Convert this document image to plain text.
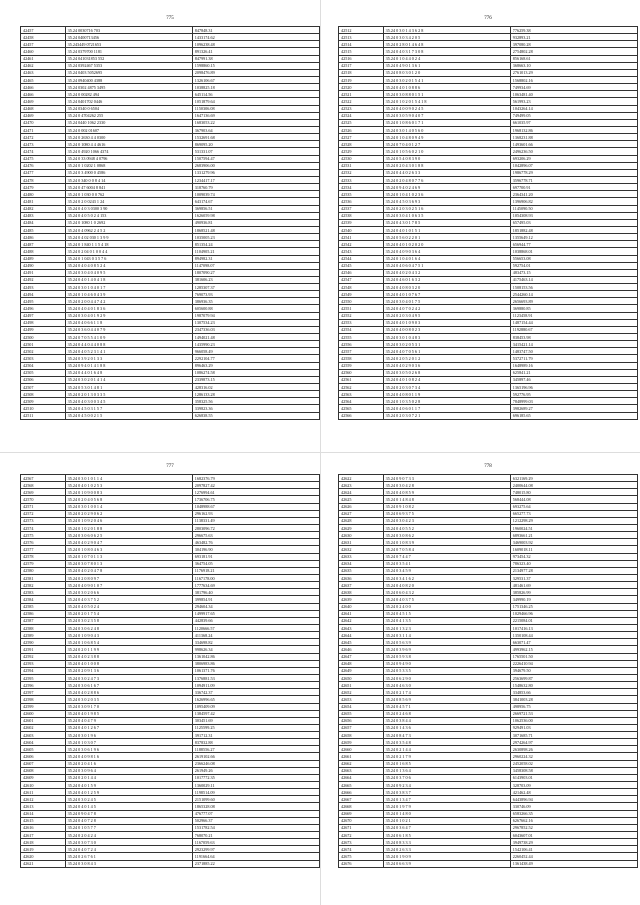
775
42457	35.24 0030716 703	847848.31
42458	35.24 0400713456	1433174.62
42457	35.243449 0721653	1096238.48
42460	35.24 0379700 1181	891326.41
42461	35.24 041031853 552	847991.38
42462	35.24 0392467 5353	1598860.15
42463	35.24 0403 5052695	2098476.89
42465	35.24 0940400 4388	1326106.67
42466	35.24 0302 4875 3495	1038825.18
42466	35.24 0 00282 494	645114.56
42469	35.24 0401702 0446	1051879.64
42468	35.24 0340 0 6504	1150306.08
42469	35.24 0 4704262 255	1647136.69
42470	35.24 0440 1062 2330	1683053.22
42471	35.24 0 002 01607	367903.64
42472	35.24 0 2630 4 4 0300	1532691.68
42473	35.24 0 1080 4 4 4616	869095.20
42474	35.24 0 4920 1066 4374	531331.07
42475	35.24 0 33 0948 4 0796	1507594.47
42476	35.24 0 1 0202 1 0868	2683906.00
42477	35.24 0 3 4900 0 4586	1331279.96
42478	35.24 0 340 0 0 8 4 14	1234417.17
42479	35.24 0 47 6004 8 841	318760.79
42480	35.24 0 1 030 0 0 762	1009039.74
42481	35.24 0 2 0 0243 1 24	643174.67
42482	35.24 0 4 0 3 0300 3 90	369856.51
42483	35.24 0 4 0 5 0 2 4 153	1626059.98
42484	35.24 0 1080 1 0 2692	490936.81
42485	35.24 0 4 0962 2 4 5 2	1868521.48
42486	35.24 0 4 02 030 1 3 9 9	1035005.23
42487	35.24 0 1 840 1 1 5 4 18	851354.24
42488	35.24 0 2 04 0 1 0 0 4 4	1104905.21
42489	35.24 0 1 043 0 3 5 7 6	894982.31
42490	35.24 0 4 0 4 0 8 5 2 4	1147098.07
42491	35.24 0 3 0 4 0 4 0 9 5	1807090.27
42492	35.24 0 4 0 1 4 0 4 1 8	381606.23
42493	35.24 0 3 0 1 0 4 0 1 7	1285307.37
42494	35.24 0 1 0 4 6 0 4 3 9	769073.93
42495	35.24 0 2 0 0 4 4 7 4 2	386936.35
42496	35.24 0 4 0 4 0 1 8 3 6	605600.88
42497	35.24 0 3 0 4 0 1 9 2 9	1987079.94
42498	35.24 0 4 0 6 6 1 1 8	1307534.23
42499	35.24 0 3 6 0 4 4 0 7 9	2347336.03
42500	35.24 0 7 0 5 5 4 1 0 9	1494021.48
42501	35.24 0 4 4 0 4 4 0 8 8	1435990.23
42502	35.24 0 4 0 5 2 3 1 4 1	966058.49
42503	35.24 0 3 9 2 0 1 3 3	2292104.77
42504	35.24 0 9 4 0 1 4 1 8 8	896463.29
42505	35.24 0 4 4 0 1 6 4 8	1086274.58
42506	35.24 0 3 0 2 0 1 4 1 4	2339873.15
42507	35.24 0 5 3 0 1 4 8 1	428316.02
42508	35.24 0 2 0 1 3 0 3 3 5	1286133.28
42509	35.24 0 4 0 3 0 0 3 4 5	358325.56
42510	35.24 0 4 5 0 3 1 5 7	339823.36
42511	35.24 0 4 5 0 0 2 1 5	626838.55
776
42512	35.24 0 3 0 1 4 3 6 2 8	776259.38
42513	35.24 0 3 0 3 4 2 0 5	932893.21
42514	35.24 0 2 8 0 1 4 6 4 8	397080.28
42515	35.24 0 4 0 3 1 7 3 0 8	2754802.28
42516	35.24 0 1 0 4 4 0 2 4	856168.61
42517	35.24 0 4 9 0 1 3 6 1	368663.10
42518	35.24 0 8 0 3 0 1 2 0	2761013.29
42519	35.24 0 3 0 2 0 1 5 4 1	1568802.16
42520	35.24 0 4 0 1 0 8 8 6	749934.69
42521	35.24 0 3 0 8 8 0 1 5 1	1063481.40
42522	35.24 0 1 0 2 0 1 5 4 1 8	561993.23
42523	35.24 0 4 0 0 9 0 2 4 5	1043264.14
42524	35.24 0 3 0 5 9 0 4 0 7	749499.05
42525	35.24 0 1 0 8 6 0 1 7 1	661035.97
42526	35.24 0 3 0 1 4 0 5 6 0	1968132.86
42527	35.24 0 1 0 4 8 0 9 4 9	1368231.88
42528	35.24 0 7 0 4 0 1 2 7	1493601.66
42529	35.24 0 1 0 5 6 0 2 1 0	2496236.50
42530	35.24 0 5 4 0 8 3 9 0	693206.29
42531	35.24 0 2 0 4 3 0 1 8 8	1042896.07
42532	35.24 0 4 4 0 2 6 3 3	1986778.29
42533	35.24 0 2 0 4 8 0 7 7 6	3596778.71
42534	35.24 0 9 4 0 2 4 6 9	697700.91
42535	35.24 0 1 0 4 1 0 2 3 6	2364341.20
42536	35.24 0 4 5 0 3 6 9 3	1396906.82
42537	35.24 0 2 0 3 0 2 5 1 6	1145090.50
42538	35.24 0 3 0 4 1 0 6 3 5	1054308.93
42539	35.24 0 4 3 0 1 7 8 5	657495.03
42540	35.24 0 4 0 1 0 1 5 1	1851882.48
42541	35.24 0 5 6 0 2 2 0 1	1355649.12
42542	35.24 0 4 0 1 0 2 0 2 0	656944.77
42543	35.24 0 4 0 9 0 3 6 4	1038868.01
42544	35.24 0 1 0 4 0 1 6 4	556653.08
42545	35.24 0 4 0 6 0 4 7 5 1	592754.01
42546	35.24 0 4 0 2 0 4 3 2	483473.15
42547	35.24 0 4 6 0 1 6 3 2	4175463.14
42548	35.24 0 4 0 8 0 3 2 0	1508153.56
42549	35.24 0 4 0 1 0 7 6 7	2544260.14
42550	35.24 0 3 0 4 0 1 7 5	2656693.89
42551	35.24 0 4 0 7 0 2 4 2	369880.85
42552	35.24 0 2 0 3 0 4 9 5	1123458.91
42553	35.24 0 4 0 1 0 9 0 3	1487154.44
42554	35.24 0 4 0 0 8 0 2 3	1192880.67
42555	35.24 0 3 0 1 0 4 8 3	838453.98
42556	35.24 0 3 0 2 0 5 3 1	3415421.14
42557	35.24 0 4 0 7 0 5 6 1	1483747.50
42558	35.24 0 2 0 5 2 0 1 2	5372711.79
42559	35.24 0 4 0 2 9 0 3 6	1648989.16
42560	35.24 0 3 0 5 0 2 6 8	625841.21
42561	35.24 0 4 0 1 0 8 2 4	345897.46
42562	35.24 0 2 0 3 0 7 3 4	1365196.96
42563	35.24 0 4 0 8 0 1 1 9	592776.95
42564	35.24 0 1 0 3 5 0 2 8	7848999.03
42565	35.24 0 4 0 6 0 1 1 7	3982689.27
42566	35.24 0 2 0 3 0 7 2 1	696185.65
777
42567	35.24 0 3 0 1 0 1 1 4	1682376.79
42568	35.24 0 4 0 1 0 2 5 3	2097827.42
42569	35.24 0 1 0 9 0 0 8 3	1276994.61
42570	35.24 0 2 0 4 0 5 6 8	1736706.75
42571	35.24 0 3 0 1 0 0 1 4	1048988.67
42572	35.24 0 2 0 2 9 0 6 2	296162.93
42573	35.24 0 1 0 9 2 0 4 6	1138331.49
42574	35.24 0 1 0 2 0 1 8 8	2803096.72
42575	35.24 0 3 0 6 0 6 2 5	296675.63
42576	35.24 0 4 0 2 9 0 4 7	463482.76
42577	35.24 0 1 0 8 0 4 6 3	304196.90
42578	35.24 0 1 0 7 0 1 1 3	693181.91
42579	35.24 0 3 0 7 8 0 1 3	364754.05
42580	35.24 0 4 0 2 0 4 7 8	1176918.21
42581	35.24 0 2 0 8 0 9 7	1167178.00
42582	35.24 0 4 0 9 0 1 0 7	1777634.69
42583	35.24 0 3 0 2 0 6 6	381796.40
42584	35.24 0 4 0 3 7 5 2	399854.91
42585	35.24 0 4 0 5 0 2 4	294604.34
42586	35.24 0 2 0 1 7 5 4	1499917.65
42587	35.24 0 3 0 2 3 5 8	442839.66
42588	35.24 0 3 0 6 2 4 8	1120666.57
42589	35.24 0 1 0 9 0 4 3	411368.24
42590	35.24 0 1 0 6 8 5 4	334698.82
42591	35.24 0 2 0 1 1 9 9	998626.34
42592	35.24 0 4 0 2 3 8 8	1361042.86
42593	35.24 0 4 0 1 0 0 8	3806983.86
42594	35.24 0 2 0 9 1 3 6	1061371.76
42595	35.24 0 3 0 2 4 7 3	1376881.53
42596	35.24 0 3 0 6 1 6 7	1094911.09
42597	35.24 0 4 0 2 8 8 6	336742.37
42598	35.24 0 3 0 2 0 3 5	1626996.65
42599	35.24 0 3 0 9 1 7 0	1095409.09
42600	35.24 0 4 0 1 9 8 5	1384597.42
42601	35.24 0 4 0 4 7 9	303451.69
42602	35.24 0 4 0 1 2 6 7	1125599.25
42603	35.24 0 3 0 1 9 6	391712.31
42604	35.24 0 1 0 3 0 7	837832.88
42605	35.24 0 3 0 6 1 9 6	1188556.27
42606	35.24 0 4 0 9 8 1 6	2619102.66
42607	35.24 0 2 0 4 1 6	2366246.08
42608	35.24 0 3 0 9 6 4	261949.26
42609	35.24 0 2 0 1 4 4	1017772.35
42610	35.24 0 4 0 1 5 9	1360029.11
42611	35.24 0 4 0 1 2 5 9	1198514.09
42612	35.24 0 3 0 2 4 5	2151099.60
42613	35.24 0 4 0 1 4 5	1865328.08
42614	35.24 0 9 0 4 7 8	476777.07
42615	35.24 0 4 0 7 2 8	502966.37
42616	35.24 0 1 0 5 7 7	1531782.54
42617	35.24 0 2 0 4 2 4	768070.21
42618	35.24 0 3 0 7 3 0	1167059.63
42619	35.24 0 4 0 7 2 4	2923299.97
42620	35.24 0 2 6 7 6 1	1191664.64
42621	35.24 0 3 0 8 4 3	2371885.22
778
42622	35.24 0 9 0 7 3 3	6321169.29
42623	35.24 0 3 0 4 2 8	2400644.08
42624	35.24 0 4 0 8 5 9	748015.80
42625	35.24 0 1 4 8 4 8	568444.08
42626	35.24 0 9 1 0 8 2	693275.64
42627	35.24 0 6 9 3 7 5	665277.73
42628	35.24 0 3 0 4 2 3	1212298.29
42629	35.24 0 4 0 5 5 2	1960024.51
42630	35.24 0 3 0 8 6 2	6893661.21
42631	35.24 0 1 0 8 3 9	3469003.92
42632	35.24 0 7 0 5 8 4	1609018.11
42633	35.24 0 7 4 4 7	973454.32
42634	35.24 0 3 5 4 1	786323.40
42635	35.24 0 3 4 5 9	2134977.28
42636	35.24 0 3 4 1 6 2	329531.37
42637	35.24 0 4 0 8 2 0	481461.69
42638	35.24 0 6 0 4 3 2	385826.99
42639	35.24 0 4 0 3 7 5	349990.19
42640	35.24 0 2 4 0 0	1751346.25
42641	35.24 0 4 5 1 5	1029466.96
42642	35.24 0 4 1 3 5	2215084.01
42643	35.24 0 1 3 2 3	1017416.13
42644	35.24 0 3 1 1 4	1350108.44
42645	35.24 0 5 6 3 9	663071.47
42646	35.24 0 3 9 6 9	4993962.15
42647	35.24 0 5 9 3 8	1765501.50
42648	35.24 0 9 4 9 0	2226410.94
42649	35.24 0 5 3 3 5	394679.50
42650	35.24 0 6 2 9 0	2563699.87
42651	35.24 0 4 6 3 0	1548632.80
42652	35.24 0 2 1 7 4	334853.66
42653	35.24 0 8 5 6 9	3841003.28
42654	35.24 0 4 5 7 1	498956.75
42655	35.24 0 2 4 6 8	2669721.53
42656	35.24 0 3 8 4 4	1062536.00
42657	35.24 0 1 4 3 6	929491.03
42658	35.24 0 8 4 7 3	3071685.71
42659	35.24 0 3 5 4 8	2974264.97
42660	35.24 0 2 1 4 4	2630898.26
42661	35.24 0 2 1 7 9	2960224.32
42662	35.24 0 1 6 8 5	2452058.02
42663	35.24 0 1 3 6 4	3458308.58
42664	35.24 0 3 7 0 6	6143903.01
42665	35.24 0 9 2 3 4	328703.09
42666	35.24 0 3 8 3 7	421462.48
42667	35.24 0 1 3 4 7	6443896.94
42668	35.24 0 1 9 7 9	330746.09
42669	35.24 0 1 4 8 0	6583266.35
42670	35.24 0 1 0 2 1	6267662.16
42671	35.24 0 3 6 4 7	2967852.52
42672	35.24 0 6 1 8 5	6043607.01
42673	35.24 0 8 3 3 3	3949738.29
42674	35.24 0 2 6 3 3	1542106.41
42675	35.24 0 1 9 0 9	2260452.44
42676	35.24 0 6 6 3 9	1361438.49
